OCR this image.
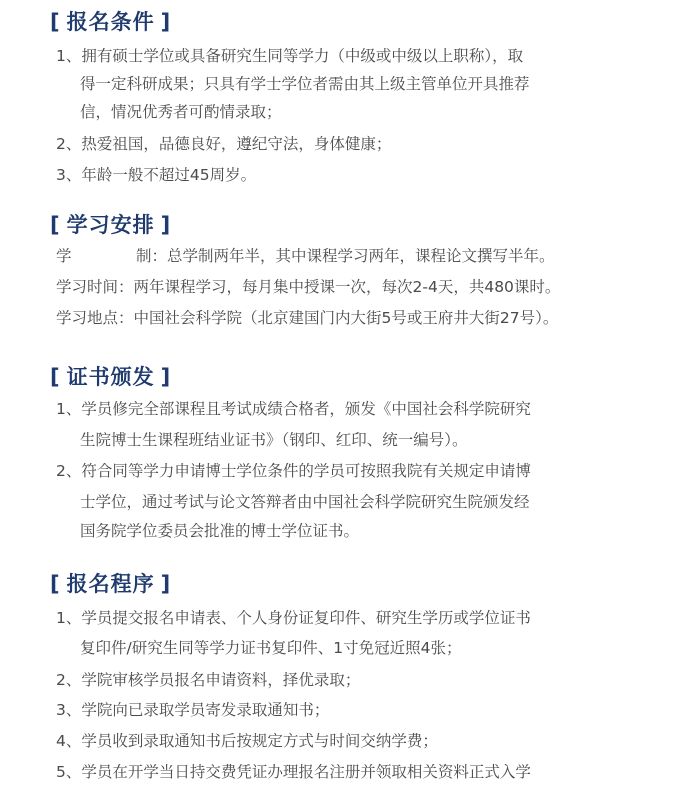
[ 报名条件 ]
1、拥有硕士学位或具备研究生同等学力（中级或中级以上职称），取
得一定科研成果；只具有学士学位者需由其上级主管单位开具推荐
信，情况优秀者可酌情录取；
2、热爱祖国，品德良好，遵纪守法，身体健康；
3、年龄一般不超过45周岁。
[ 学习安排 ]
学	制：总学制两年半，其中课程学习两年，课程论文撰写半年。
学习时间：两年课程学习，每月集中授课一次，每次2-4天，共480课时。
学习地点：中国社会科学院（北京建国门内大街5号或王府井大街27号）。
[ 证书颁发 ]
1、学员修完全部课程且考试成绩合格者，颁发《中国社会科学院研究
生院博士生课程班结业证书》（钢印、红印、统一编号）。
2、符合同等学力申请博士学位条件的学员可按照我院有关规定申请博
士学位，通过考试与论文答辩者由中国社会科学院研究生院颁发经
国务院学位委员会批准的博士学位证书。
[ 报名程序 ]
1、学员提交报名申请表、个人身份证复印件、研究生学历或学位证书
复印件/研究生同等学力证书复印件、1寸免冠近照4张；
2、学院审核学员报名申请资料，择优录取；
3、学院向已录取学员寄发录取通知书；
4、学员收到录取通知书后按规定方式与时间交纳学费；
5、学员在开学当日持交费凭证办理报名注册并领取相关资料正式入学
